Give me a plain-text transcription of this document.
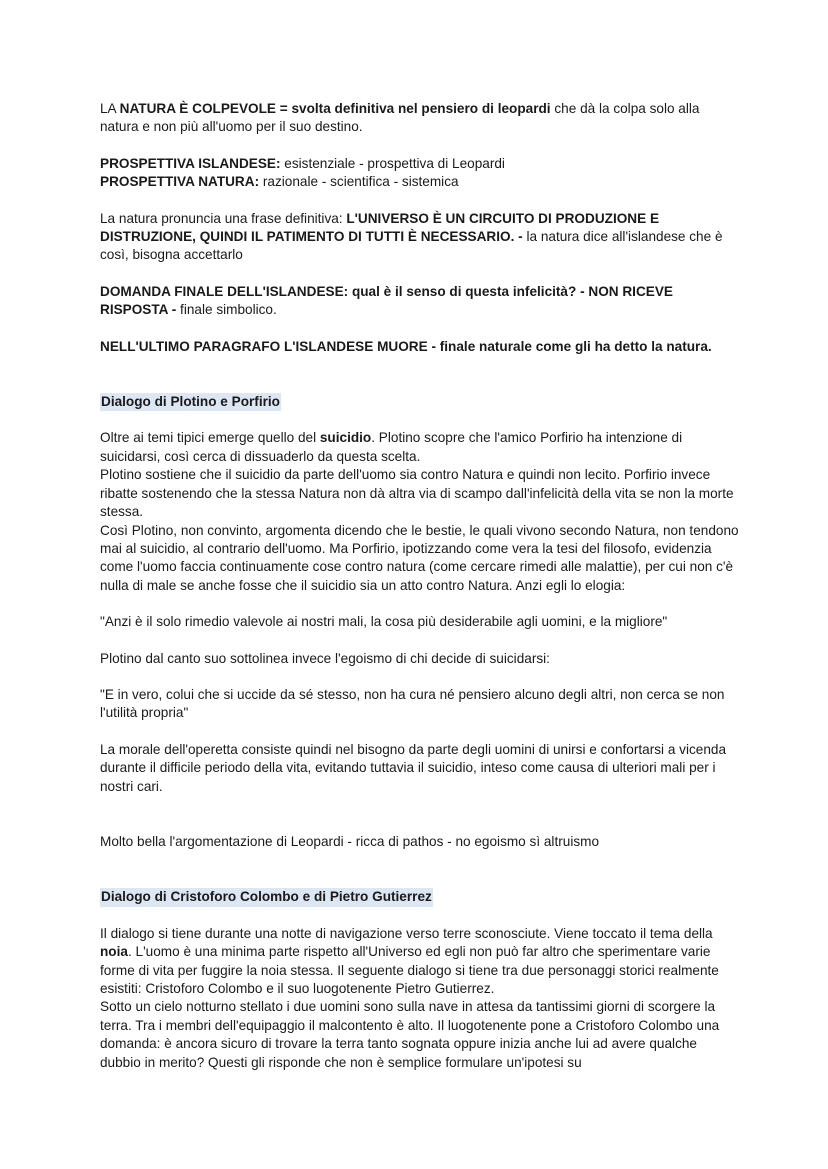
LA NATURA È COLPEVOLE = svolta definitiva nel pensiero di leopardi che dà la colpa solo alla natura e non più all'uomo per il suo destino.

PROSPETTIVA ISLANDESE: esistenziale - prospettiva di Leopardi
PROSPETTIVA NATURA: razionale - scientifica - sistemica

La natura pronuncia una frase definitiva: L'UNIVERSO È UN CIRCUITO DI PRODUZIONE E DISTRUZIONE, QUINDI IL PATIMENTO DI TUTTI È NECESSARIO. - la natura dice all'islandese che è così, bisogna accettarlo

DOMANDA FINALE DELL'ISLANDESE: qual è il senso di questa infelicità? - NON RICEVE RISPOSTA - finale simbolico.

NELL'ULTIMO PARAGRAFO L'ISLANDESE MUORE - finale naturale come gli ha detto la natura.

Dialogo di Plotino e Porfirio

Oltre ai temi tipici emerge quello del suicidio. Plotino scopre che l'amico Porfirio ha intenzione di suicidarsi, così cerca di dissuaderlo da questa scelta.
Plotino sostiene che il suicidio da parte dell'uomo sia contro Natura e quindi non lecito. Porfirio invece ribatte sostenendo che la stessa Natura non dà altra via di scampo dall'infelicità della vita se non la morte stessa.
Così Plotino, non convinto, argomenta dicendo che le bestie, le quali vivono secondo Natura, non tendono mai al suicidio, al contrario dell'uomo. Ma Porfirio, ipotizzando come vera la tesi del filosofo, evidenzia come l'uomo faccia continuamente cose contro natura (come cercare rimedi alle malattie), per cui non c'è nulla di male se anche fosse che il suicidio sia un atto contro Natura. Anzi egli lo elogia:

"Anzi è il solo rimedio valevole ai nostri mali, la cosa più desiderabile agli uomini, e la migliore"

Plotino dal canto suo sottolinea invece l'egoismo di chi decide di suicidarsi:

"E in vero, colui che si uccide da sé stesso, non ha cura né pensiero alcuno degli altri, non cerca se non l'utilità propria"

La morale dell'operetta consiste quindi nel bisogno da parte degli uomini di unirsi e confortarsi a vicenda durante il difficile periodo della vita, evitando tuttavia il suicidio, inteso come causa di ulteriori mali per i nostri cari.

Molto bella l'argomentazione di Leopardi - ricca di pathos - no egoismo sì altruismo

Dialogo di Cristoforo Colombo e di Pietro Gutierrez

Il dialogo si tiene durante una notte di navigazione verso terre sconosciute. Viene toccato il tema della noia. L'uomo è una minima parte rispetto all'Universo ed egli non può far altro che sperimentare varie forme di vita per fuggire la noia stessa. Il seguente dialogo si tiene tra due personaggi storici realmente esistiti: Cristoforo Colombo e il suo luogotenente Pietro Gutierrez.
Sotto un cielo notturno stellato i due uomini sono sulla nave in attesa da tantissimi giorni di scorgere la terra. Tra i membri dell'equipaggio il malcontento è alto. Il luogotenente pone a Cristoforo Colombo una domanda: è ancora sicuro di trovare la terra tanto sognata oppure inizia anche lui ad avere qualche dubbio in merito? Questi gli risponde che non è semplice formulare un'ipotesi su
